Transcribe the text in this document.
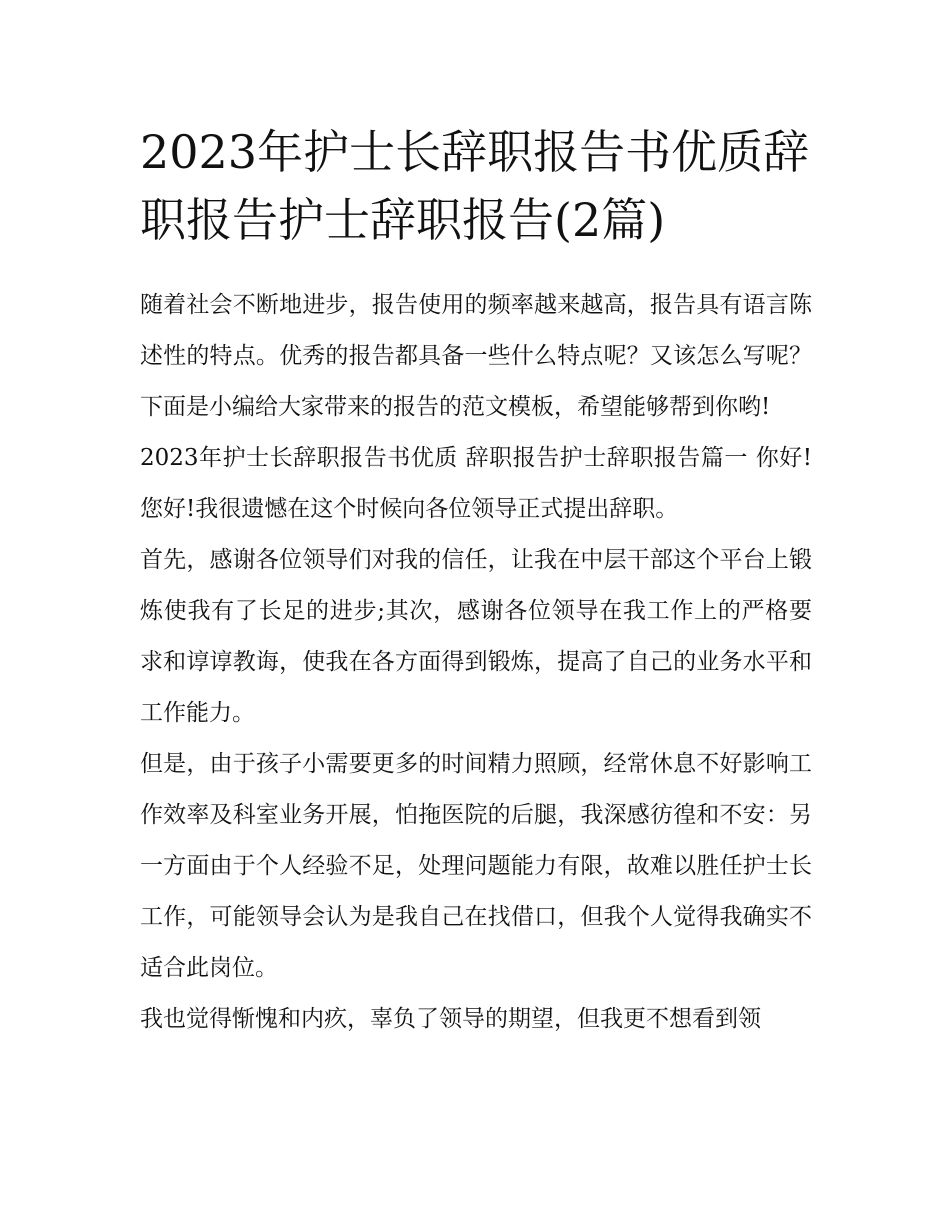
2023年护士长辞职报告书优质辞职报告护士辞职报告(2篇)

随着社会不断地进步，报告使用的频率越来越高，报告具有语言陈述性的特点。优秀的报告都具备一些什么特点呢？又该怎么写呢？下面是小编给大家带来的报告的范文模板，希望能够帮到你哟!

2023年护士长辞职报告书优质 辞职报告护士辞职报告篇一 你好! 您好!我很遗憾在这个时候向各位领导正式提出辞职。

首先，感谢各位领导们对我的信任，让我在中层干部这个平台上锻炼使我有了长足的进步;其次，感谢各位领导在我工作上的严格要求和谆谆教诲，使我在各方面得到锻炼，提高了自己的业务水平和工作能力。

但是，由于孩子小需要更多的时间精力照顾，经常休息不好影响工作效率及科室业务开展，怕拖医院的后腿，我深感彷徨和不安：另一方面由于个人经验不足，处理问题能力有限，故难以胜任护士长工作，可能领导会认为是我自己在找借口，但我个人觉得我确实不适合此岗位。

我也觉得惭愧和内疚，辜负了领导的期望，但我更不想看到领
